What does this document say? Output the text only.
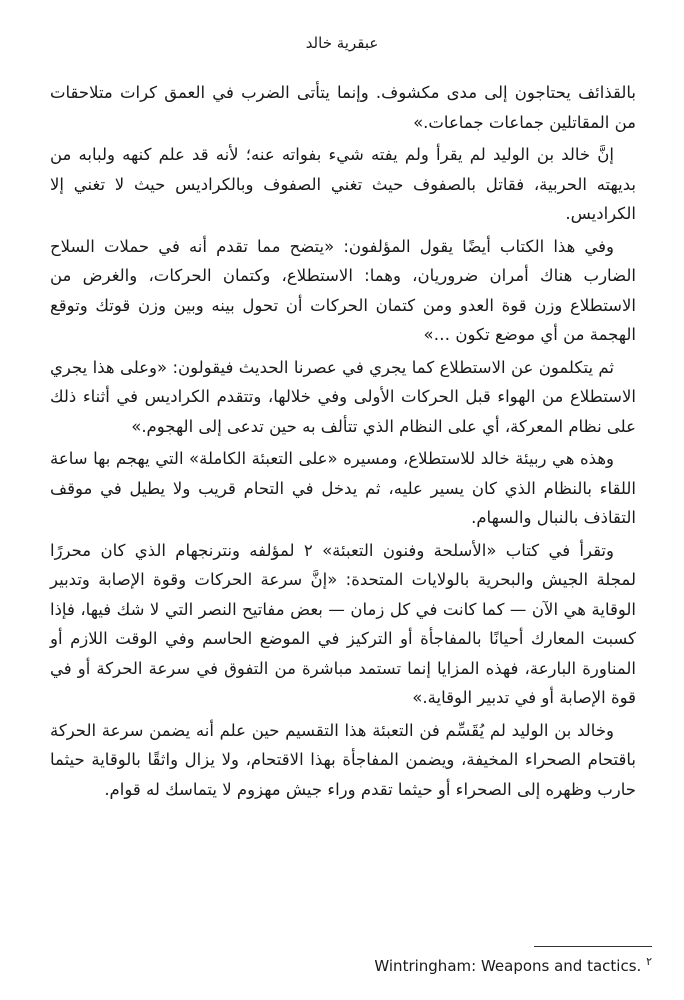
عبقرية خالد

بالقذائف يحتاجون إلى مدى مكشوف. وإنما يتأتى الضرب في العمق كرات متلاحقات من المقاتلين جماعات جماعات.»

إنَّ خالد بن الوليد لم يقرأ ولم يفته شيء بفواته عنه؛ لأنه قد علم كنهه ولبابه من بديهته الحربية، فقاتل بالصفوف حيث تغني الصفوف وبالكراديس حيث لا تغني إلا الكراديس.

وفي هذا الكتاب أيضًا يقول المؤلفون: «يتضح مما تقدم أنه في حملات السلاح الضارب هناك أمران ضروريان، وهما: الاستطلاع، وكتمان الحركات، والغرض من الاستطلاع وزن قوة العدو ومن كتمان الحركات أن تحول بينه وبين وزن قوتك وتوقع الهجمة من أي موضع تكون …»

ثم يتكلمون عن الاستطلاع كما يجري في عصرنا الحديث فيقولون: «وعلى هذا يجري الاستطلاع من الهواء قبل الحركات الأولى وفي خلالها، وتتقدم الكراديس في أثناء ذلك على نظام المعركة، أي على النظام الذي تتألف به حين تدعى إلى الهجوم.»

وهذه هي ربيئة خالد للاستطلاع، ومسيره «على التعبئة الكاملة» التي يهجم بها ساعة اللقاء بالنظام الذي كان يسير عليه، ثم يدخل في التحام قريب ولا يطيل في موقف التقاذف بالنبال والسهام.

وتقرأ في كتاب «الأسلحة وفنون التعبئة» ٢ لمؤلفه ونترنجهام الذي كان محررًا لمجلة الجيش والبحرية بالولايات المتحدة: «إنَّ سرعة الحركات وقوة الإصابة وتدبير الوقاية هي الآن — كما كانت في كل زمان — بعض مفاتيح النصر التي لا شك فيها، فإذا كسبت المعارك أحيانًا بالمفاجأة أو التركيز في الموضع الحاسم وفي الوقت اللازم أو المناورة البارعة، فهذه المزايا إنما تستمد مباشرة من التفوق في سرعة الحركة أو في قوة الإصابة أو في تدبير الوقاية.»

وخالد بن الوليد لم يُقَسِّم فن التعبئة هذا التقسيم حين علم أنه يضمن سرعة الحركة باقتحام الصحراء المخيفة، ويضمن المفاجأة بهذا الاقتحام، ولا يزال واثقًا بالوقاية حيثما حارب وظهره إلى الصحراء أو حيثما تقدم وراء جيش مهزوم لا يتماسك له قوام.

$^٢$ Wintringham: Weapons and tactics.
